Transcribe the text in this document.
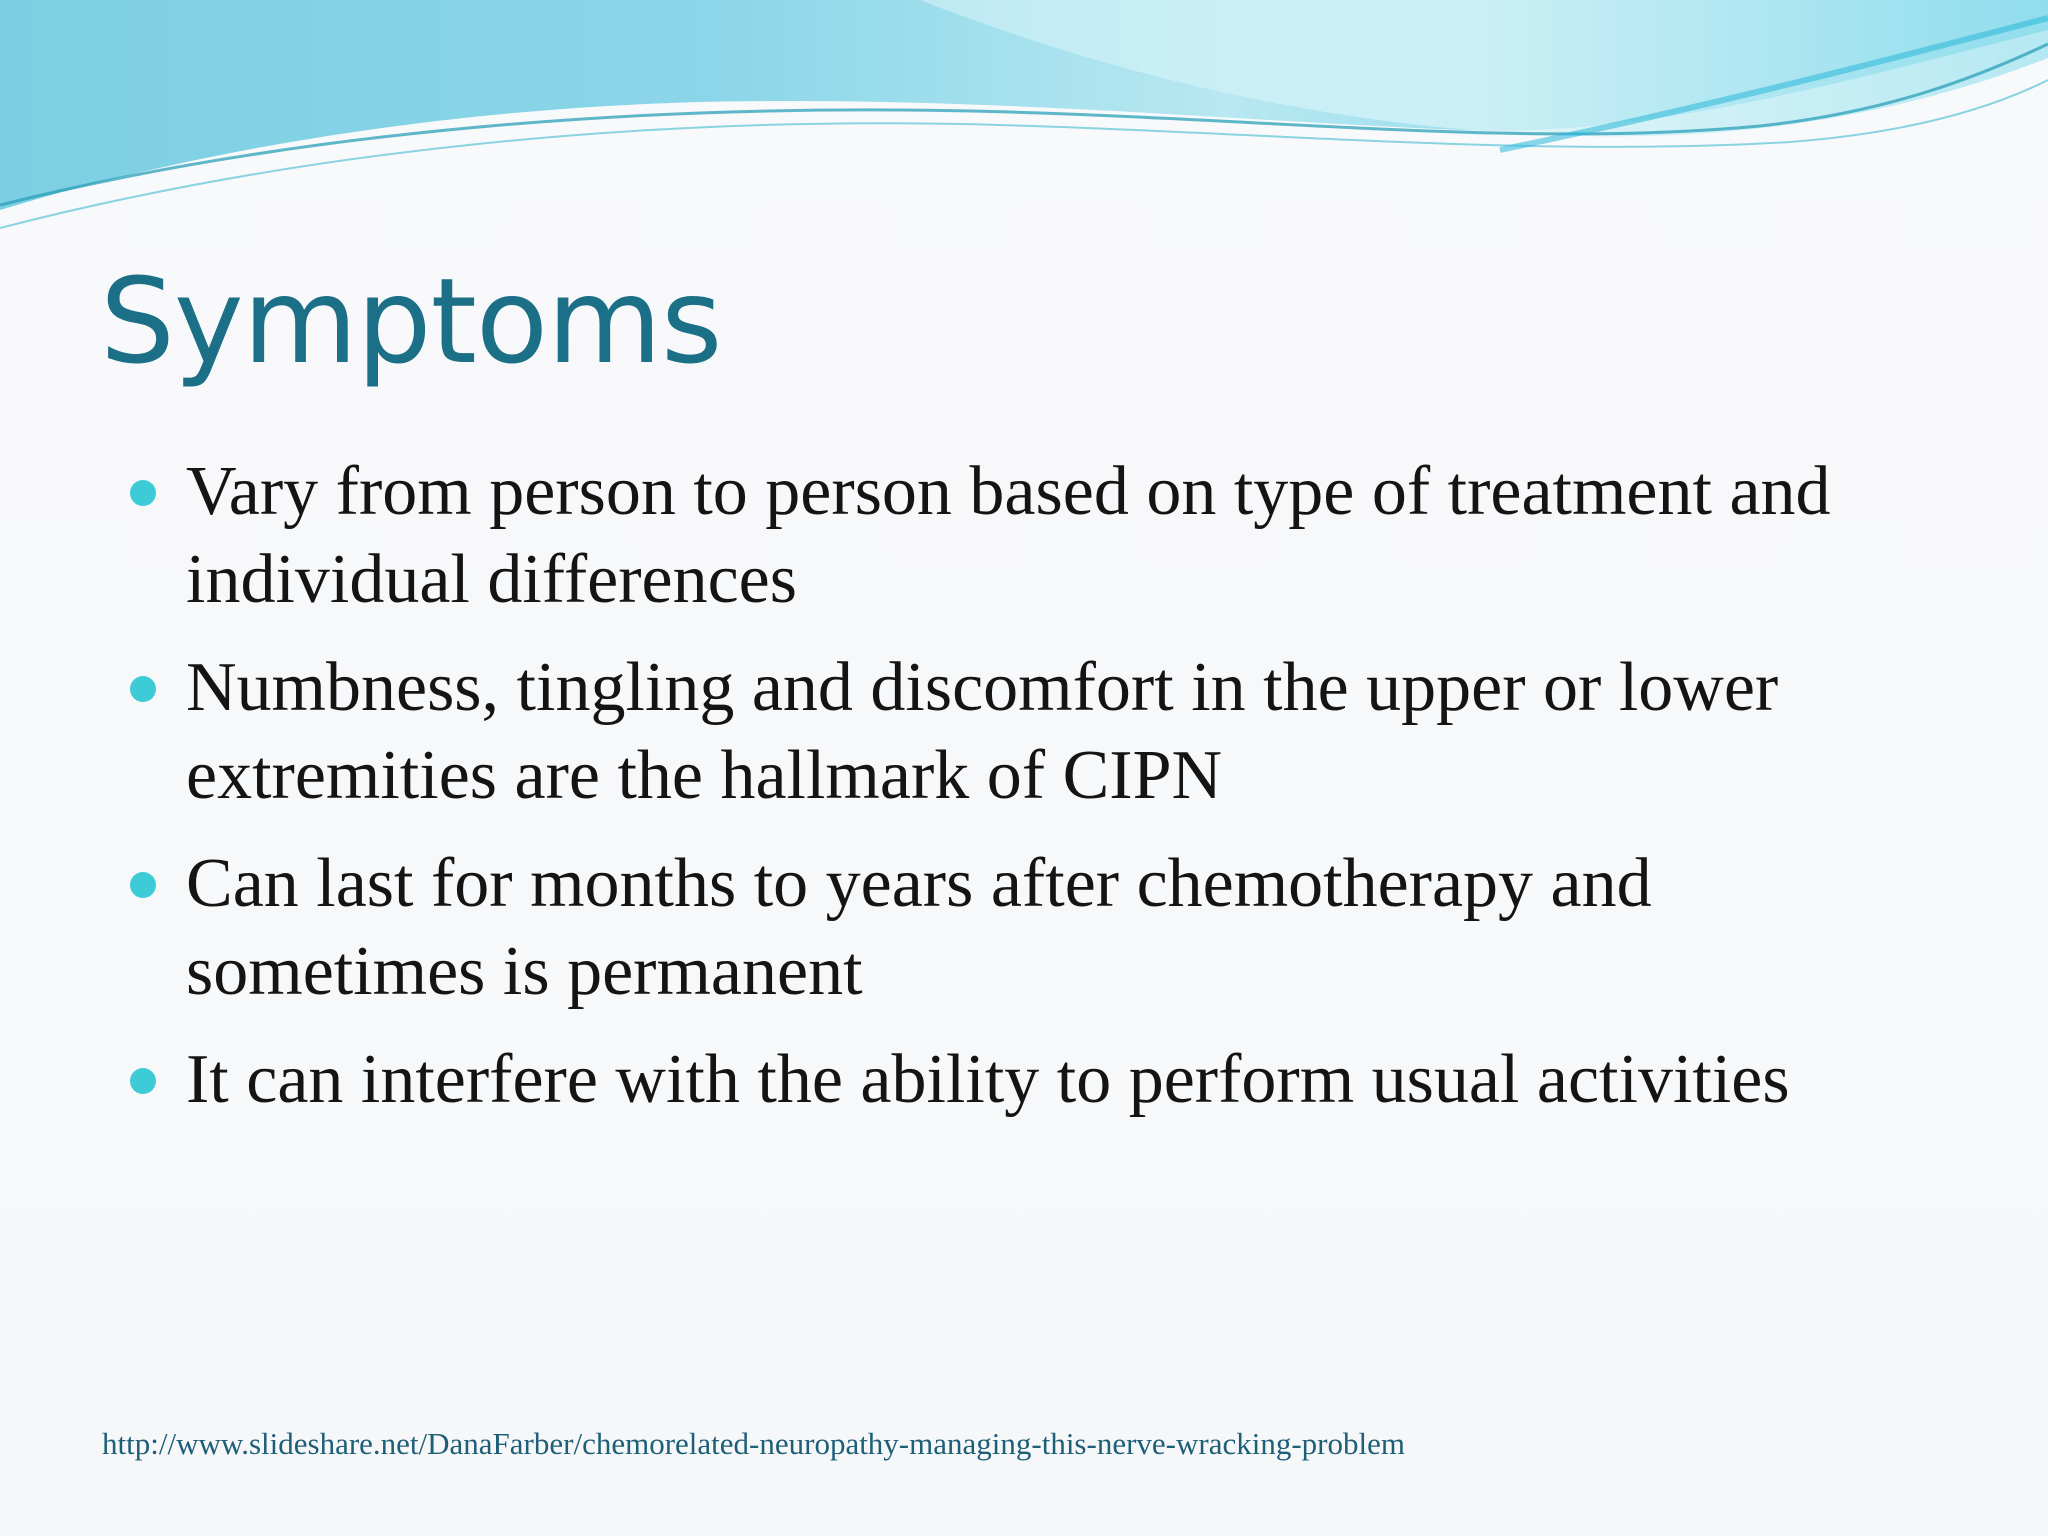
Symptoms
Vary from person to person based on type of treatment and individual differences
Numbness, tingling and discomfort in the upper or lower extremities are the hallmark of CIPN
Can last for months to years after chemotherapy and sometimes is permanent
It can interfere with the ability to perform usual activities
http://www.slideshare.net/DanaFarber/chemorelated-neuropathy-managing-this-nerve-wracking-problem
